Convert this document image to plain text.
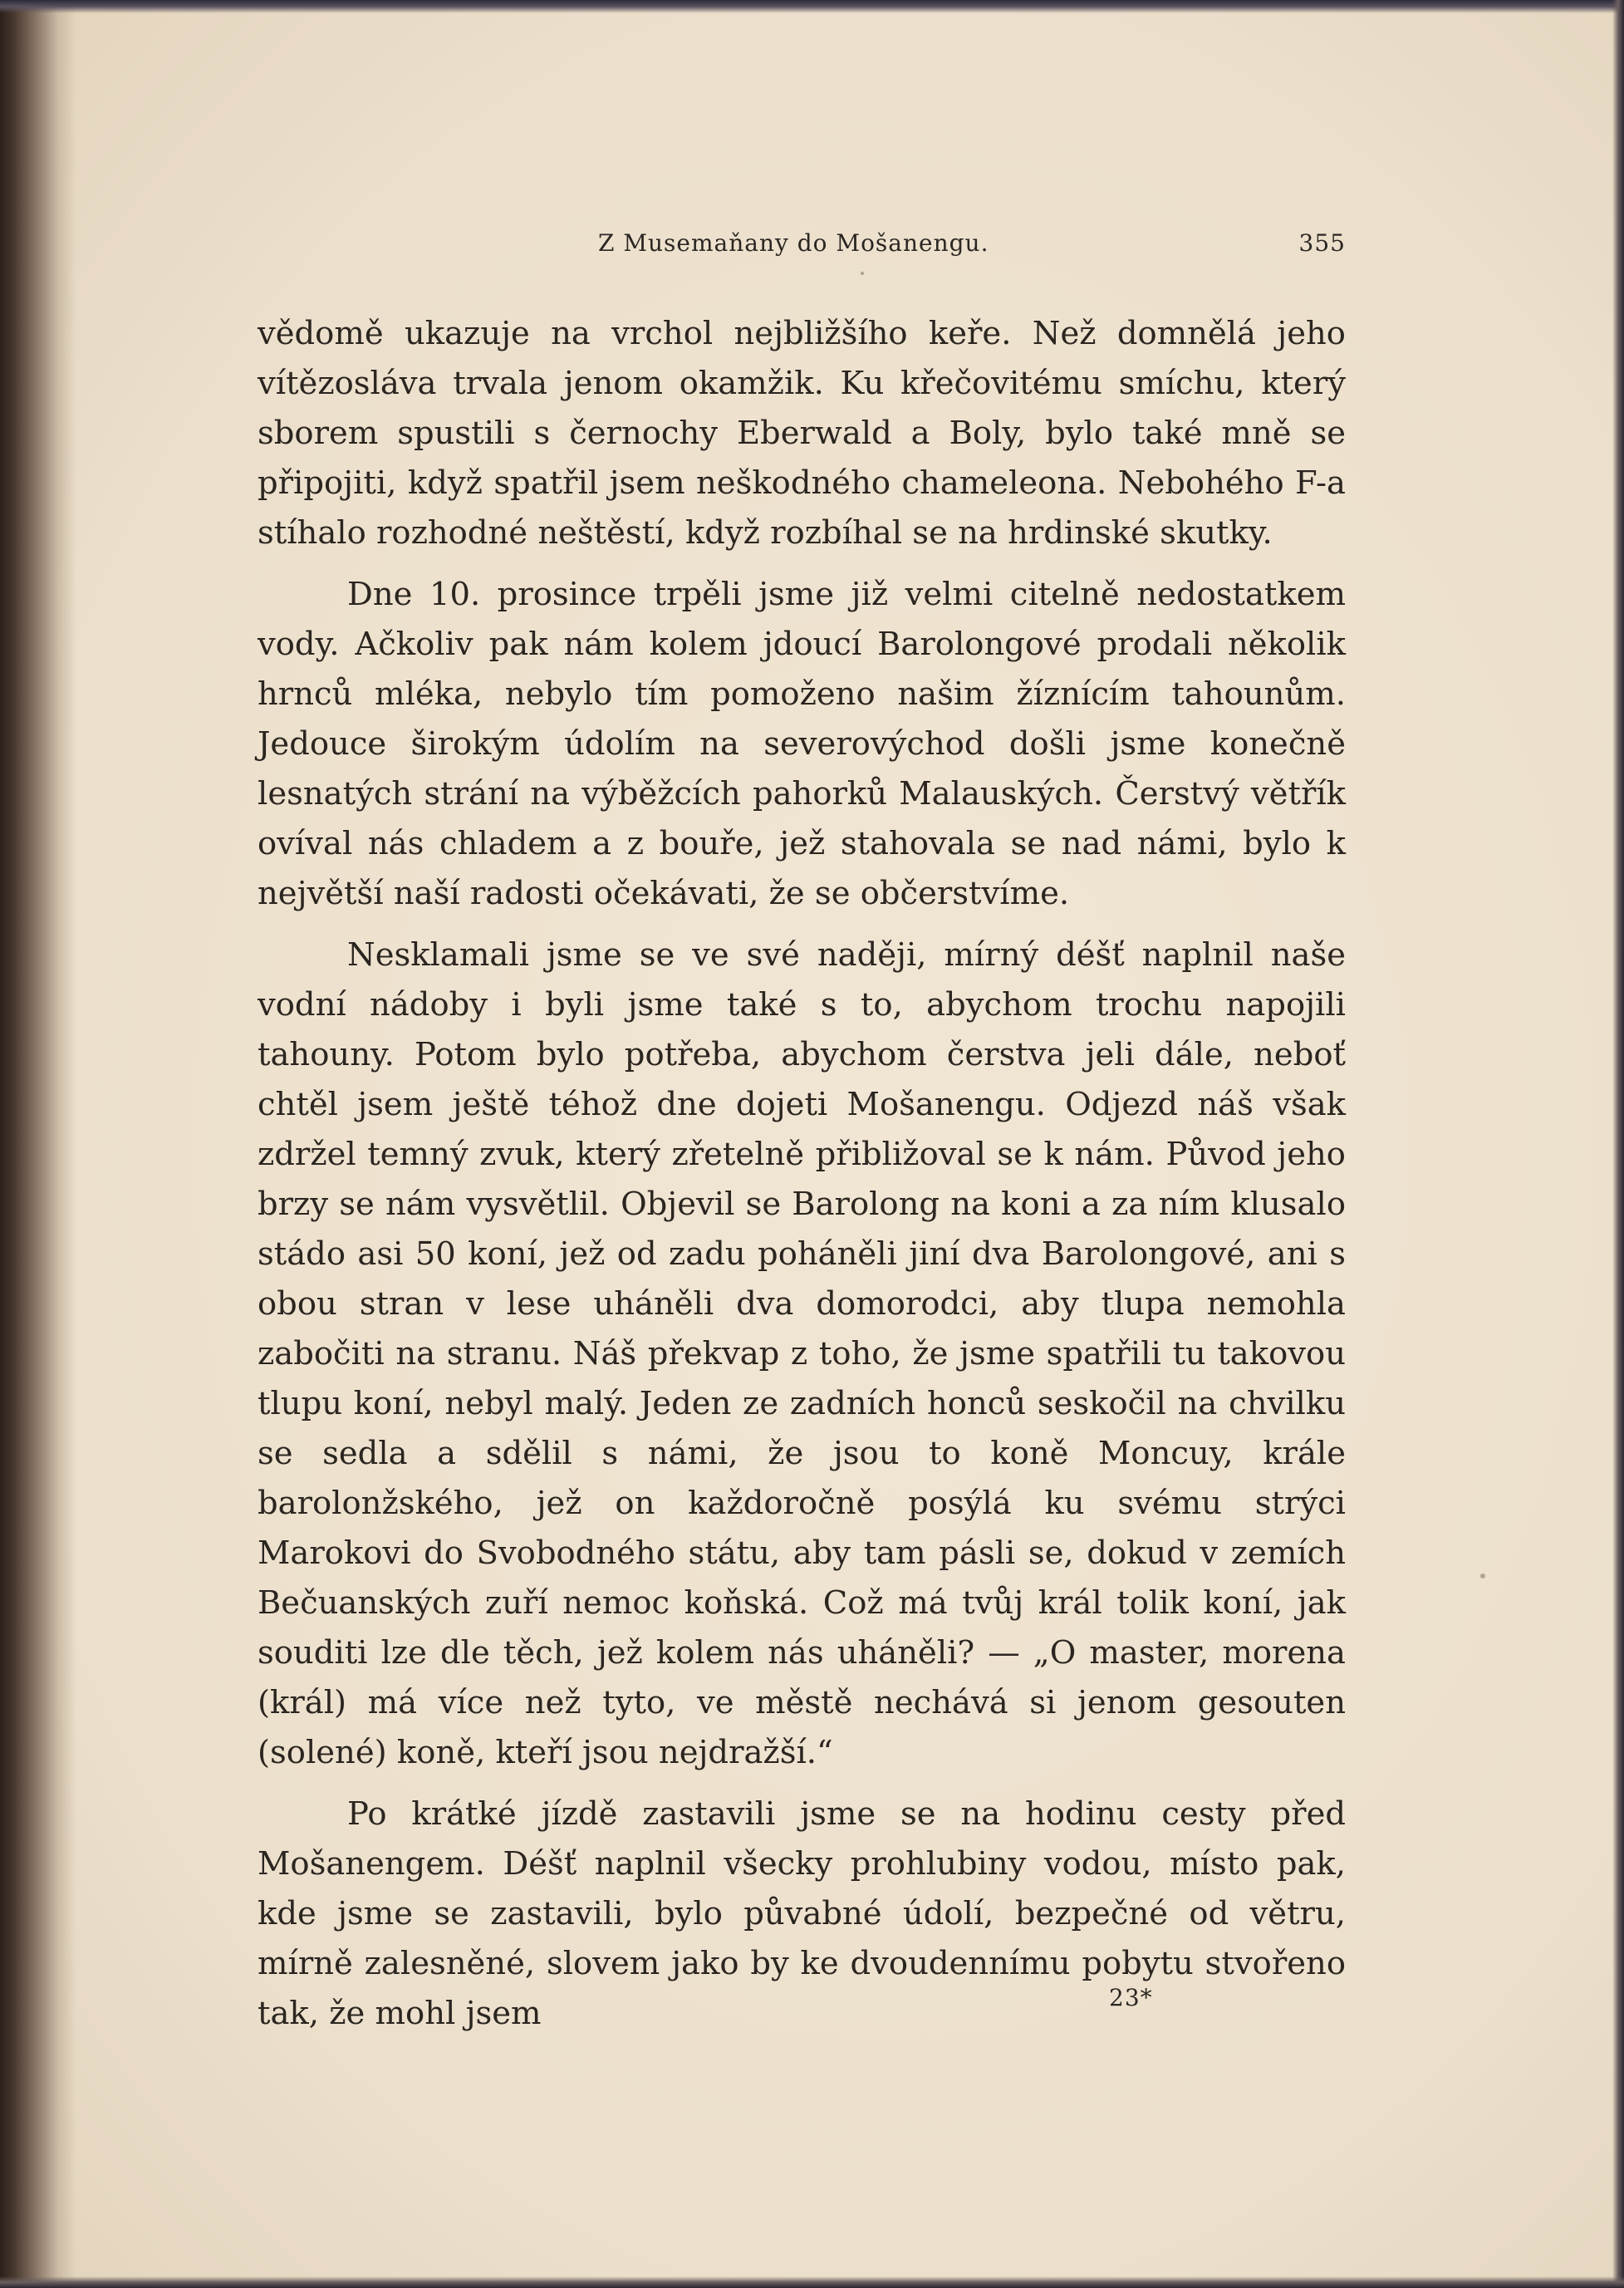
Z Musemaňany do Mošanengu.	355

vědomě ukazuje na vrchol nejbližšího keře. Než domnělá jeho vítězosláva trvala jenom okamžik. Ku křečovitému smíchu, který sborem spustili s černochy Eberwald a Boly, bylo také mně se připojiti, když spatřil jsem neškodného chameleona. Nebohého F-a stíhalo rozhodné neštěstí, když rozbíhal se na hrdinské skutky.

Dne 10. prosince trpěli jsme již velmi citelně nedostatkem vody. Ačkoliv pak nám kolem jdoucí Barolongové prodali několik hrnců mléka, nebylo tím pomoženo našim žíznícím tahounům. Jedouce širokým údolím na severovýchod došli jsme konečně lesnatých strání na výběžcích pahorků Malauských. Čerstvý větřík ovíval nás chladem a z bouře, jež stahovala se nad námi, bylo k největší naší radosti očekávati, že se občerstvíme.

Nesklamali jsme se ve své naději, mírný déšť naplnil naše vodní nádoby i byli jsme také s to, abychom trochu napojili tahouny. Potom bylo potřeba, abychom čerstva jeli dále, neboť chtěl jsem ještě téhož dne dojeti Mošanengu. Odjezd náš však zdržel temný zvuk, který zřetelně přibližoval se k nám. Původ jeho brzy se nám vysvětlil. Objevil se Barolong na koni a za ním klusalo stádo asi 50 koní, jež od zadu poháněli jiní dva Barolongové, ani s obou stran v lese uháněli dva domorodci, aby tlupa nemohla zabočiti na stranu. Náš překvap z toho, že jsme spatřili tu takovou tlupu koní, nebyl malý. Jeden ze zadních honců seskočil na chvilku se sedla a sdělil s námi, že jsou to koně Moncuy, krále barolonžského, jež on každoročně posýlá ku svému strýci Marokovi do Svobodného státu, aby tam pásli se, dokud v zemích Bečuanských zuří nemoc koňská. Což má tvůj král tolik koní, jak souditi lze dle těch, jež kolem nás uháněli? — „O master, morena (král) má více než tyto, ve městě nechává si jenom gesouten (solené) koně, kteří jsou nejdražší.“

Po krátké jízdě zastavili jsme se na hodinu cesty před Mošanengem. Déšť naplnil všecky prohlubiny vodou, místo pak, kde jsme se zastavili, bylo půvabné údolí, bezpečné od větru, mírně zalesněné, slovem jako by ke dvoudennímu pobytu stvořeno tak, že mohl jsem	23*
